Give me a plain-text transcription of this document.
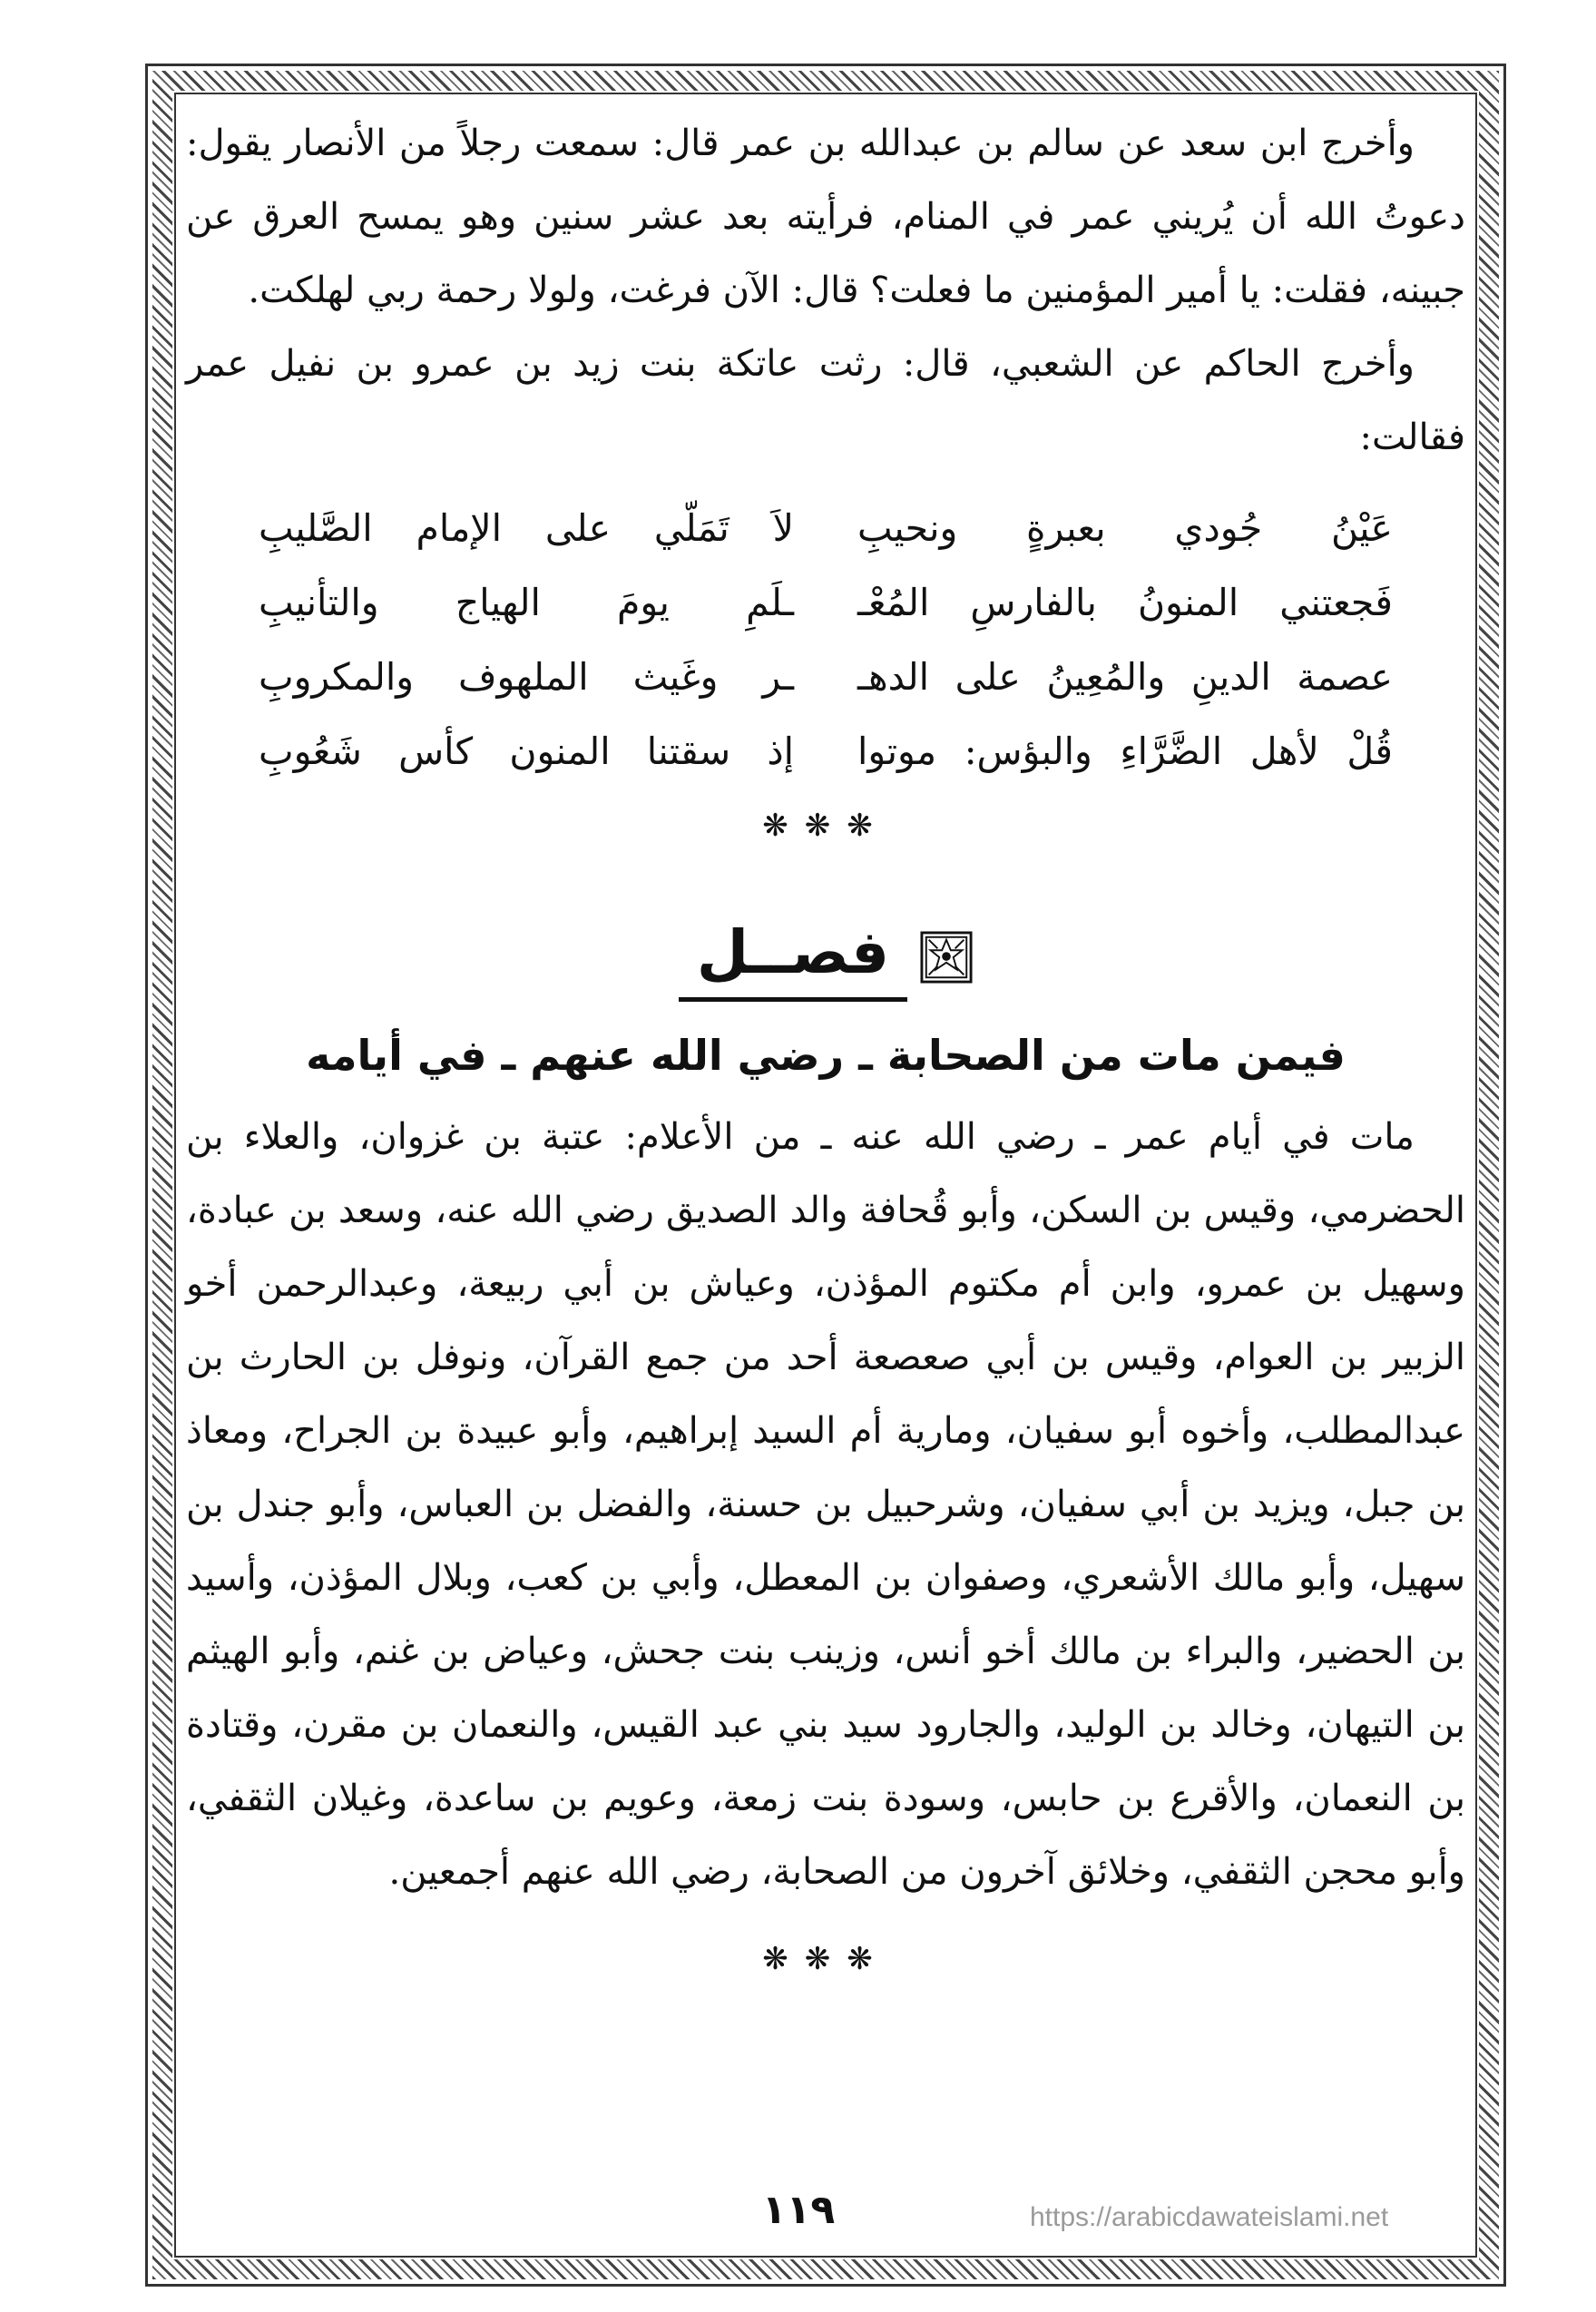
وأخرج ابن سعد عن سالم بن عبدالله بن عمر قال: سمعت رجلاً من الأنصار يقول: دعوتُ الله أن يُريني عمر في المنام، فرأيته بعد عشر سنين وهو يمسح العرق عن جبينه، فقلت: يا أمير المؤمنين ما فعلت؟ قال: الآن فرغت، ولولا رحمة ربي لهلكت.

وأخرج الحاكم عن الشعبي، قال: رثت عاتكة بنت زيد بن عمرو بن نفيل عمر فقالت:

عَيْنُ جُودي بعبرةٍ ونحيبِ
لاَ تَمَلّي على الإمام الصَّليبِ
فَجعتني المنونُ بالفارسِ المُعْـ
ـلَمِ يومَ الهياج والتأنيبِ
عصمة الدينِ والمُعِينُ على الدهـ
ـر وغَيث الملهوف والمكروبِ
قُلْ لأهل الضَّرَّاءِ والبؤس: موتوا
إذ سقتنا المنون كأس شَعُوبِ
❋❋❋
فصــل
فيمن مات من الصحابة ـ رضي الله عنهم ـ في أيامه

مات في أيام عمر ـ رضي الله عنه ـ من الأعلام: عتبة بن غزوان، والعلاء بن الحضرمي، وقيس بن السكن، وأبو قُحافة والد الصديق رضي الله عنه، وسعد بن عبادة، وسهيل بن عمرو، وابن أم مكتوم المؤذن، وعياش بن أبي ربيعة، وعبدالرحمن أخو الزبير بن العوام، وقيس بن أبي صعصعة أحد من جمع القرآن، ونوفل بن الحارث بن عبدالمطلب، وأخوه أبو سفيان، ومارية أم السيد إبراهيم، وأبو عبيدة بن الجراح، ومعاذ بن جبل، ويزيد بن أبي سفيان، وشرحبيل بن حسنة، والفضل بن العباس، وأبو جندل بن سهيل، وأبو مالك الأشعري، وصفوان بن المعطل، وأبي بن كعب، وبلال المؤذن، وأسيد بن الحضير، والبراء بن مالك أخو أنس، وزينب بنت جحش، وعياض بن غنم، وأبو الهيثم بن التيهان، وخالد بن الوليد، والجارود سيد بني عبد القيس، والنعمان بن مقرن، وقتادة بن النعمان، والأقرع بن حابس، وسودة بنت زمعة، وعويم بن ساعدة، وغيلان الثقفي، وأبو محجن الثقفي، وخلائق آخرون من الصحابة، رضي الله عنهم أجمعين.

❋❋❋
١١٩	https://arabicdawateislami.net
